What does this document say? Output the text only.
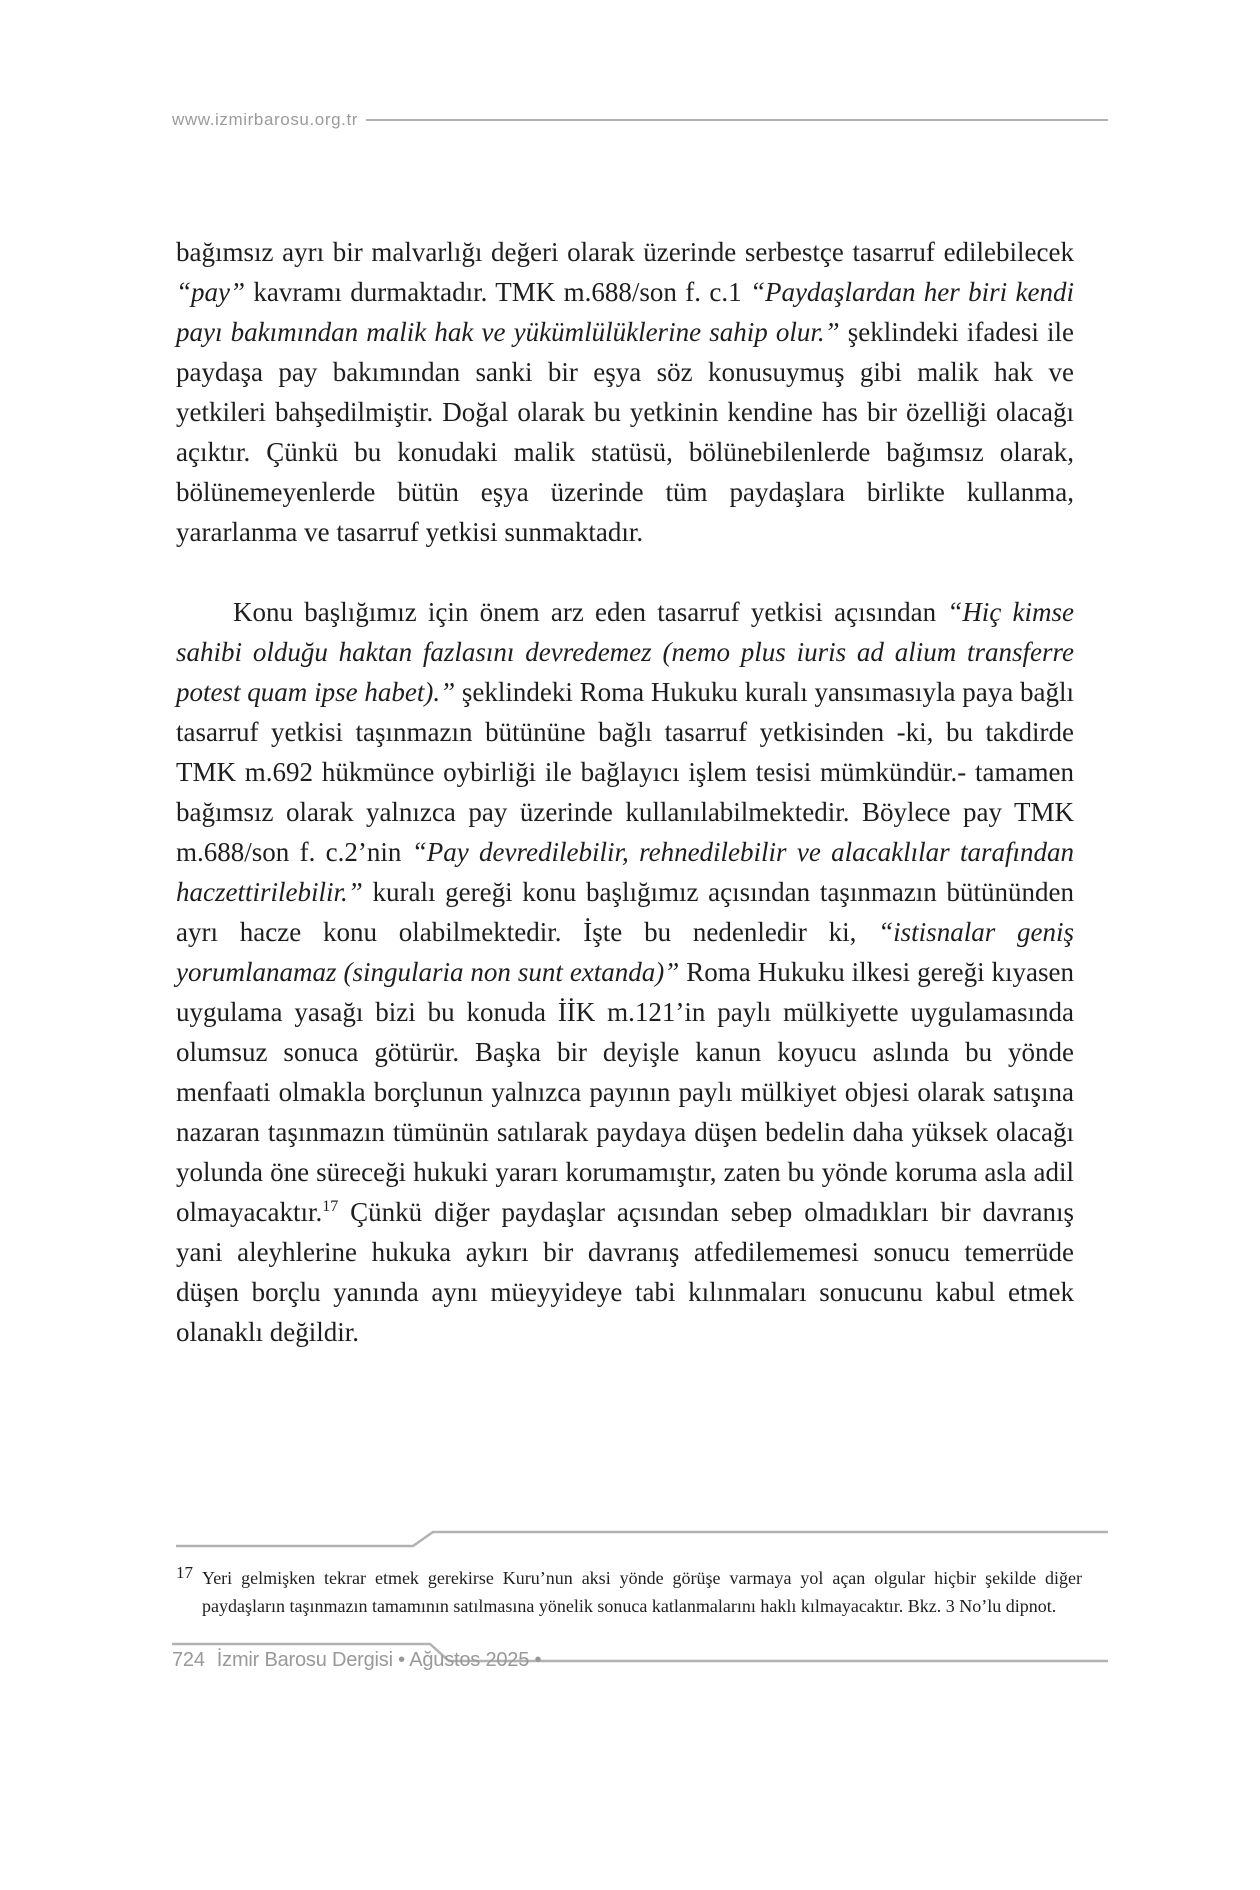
www.izmirbarosu.org.tr

bağımsız ayrı bir malvarlığı değeri olarak üzerinde serbestçe tasarruf edilebilecek “pay” kavramı durmaktadır. TMK m.688/son f. c.1 “Paydaşlardan her biri kendi payı bakımından malik hak ve yükümlülüklerine sahip olur.” şeklindeki ifadesi ile paydaşa pay bakımından sanki bir eşya söz konusuymuş gibi malik hak ve yetkileri bahşedilmiştir. Doğal olarak bu yetkinin kendine has bir özelliği olacağı açıktır. Çünkü bu konudaki malik statüsü, bölünebilenlerde bağımsız olarak, bölünemeyenlerde bütün eşya üzerinde tüm paydaşlara birlikte kullanma, yararlanma ve tasarruf yetkisi sunmaktadır.

Konu başlığımız için önem arz eden tasarruf yetkisi açısından “Hiç kimse sahibi olduğu haktan fazlasını devredemez (nemo plus iuris ad alium transferre potest quam ipse habet).” şeklindeki Roma Hukuku kuralı yansımasıyla paya bağlı tasarruf yetkisi taşınmazın bütününe bağlı tasarruf yetkisinden -ki, bu takdirde TMK m.692 hükmünce oybirliği ile bağlayıcı işlem tesisi mümkündür.- tamamen bağımsız olarak yalnızca pay üzerinde kullanılabilmektedir. Böylece pay TMK m.688/son f. c.2’nin “Pay devredilebilir, rehnedilebilir ve alacaklılar tarafından haczettirilebilir.” kuralı gereği konu başlığımız açısından taşınmazın bütününden ayrı hacze konu olabilmektedir. İşte bu nedenledir ki, “istisnalar geniş yorumlanamaz (singularia non sunt extanda)” Roma Hukuku ilkesi gereği kıyasen uygulama yasağı bizi bu konuda İİK m.121’in paylı mülkiyette uygulamasında olumsuz sonuca götürür. Başka bir deyişle kanun koyucu aslında bu yönde menfaati olmakla borçlunun yalnızca payının paylı mülkiyet objesi olarak satışına nazaran taşınmazın tümünün satılarak paydaya düşen bedelin daha yüksek olacağı yolunda öne süreceği hukuki yararı korumamıştır, zaten bu yönde koruma asla adil olmayacaktır.$^{17}$ Çünkü diğer paydaşlar açısından sebep olmadıkları bir davranış yani aleyhlerine hukuka aykırı bir davranış atfedilememesi sonucu temerrüde düşen borçlu yanında aynı müeyyideye tabi kılınmaları sonucunu kabul etmek olanaklı değildir.

17 Yeri gelmişken tekrar etmek gerekirse Kuru’nun aksi yönde görüşe varmaya yol açan olgular hiçbir şekilde diğer paydaşların taşınmazın tamamının satılmasına yönelik sonuca katlanmalarını haklı kılmayacaktır. Bkz. 3 No’lu dipnot.
724 İzmir Barosu Dergisi • Ağustos 2025 •
